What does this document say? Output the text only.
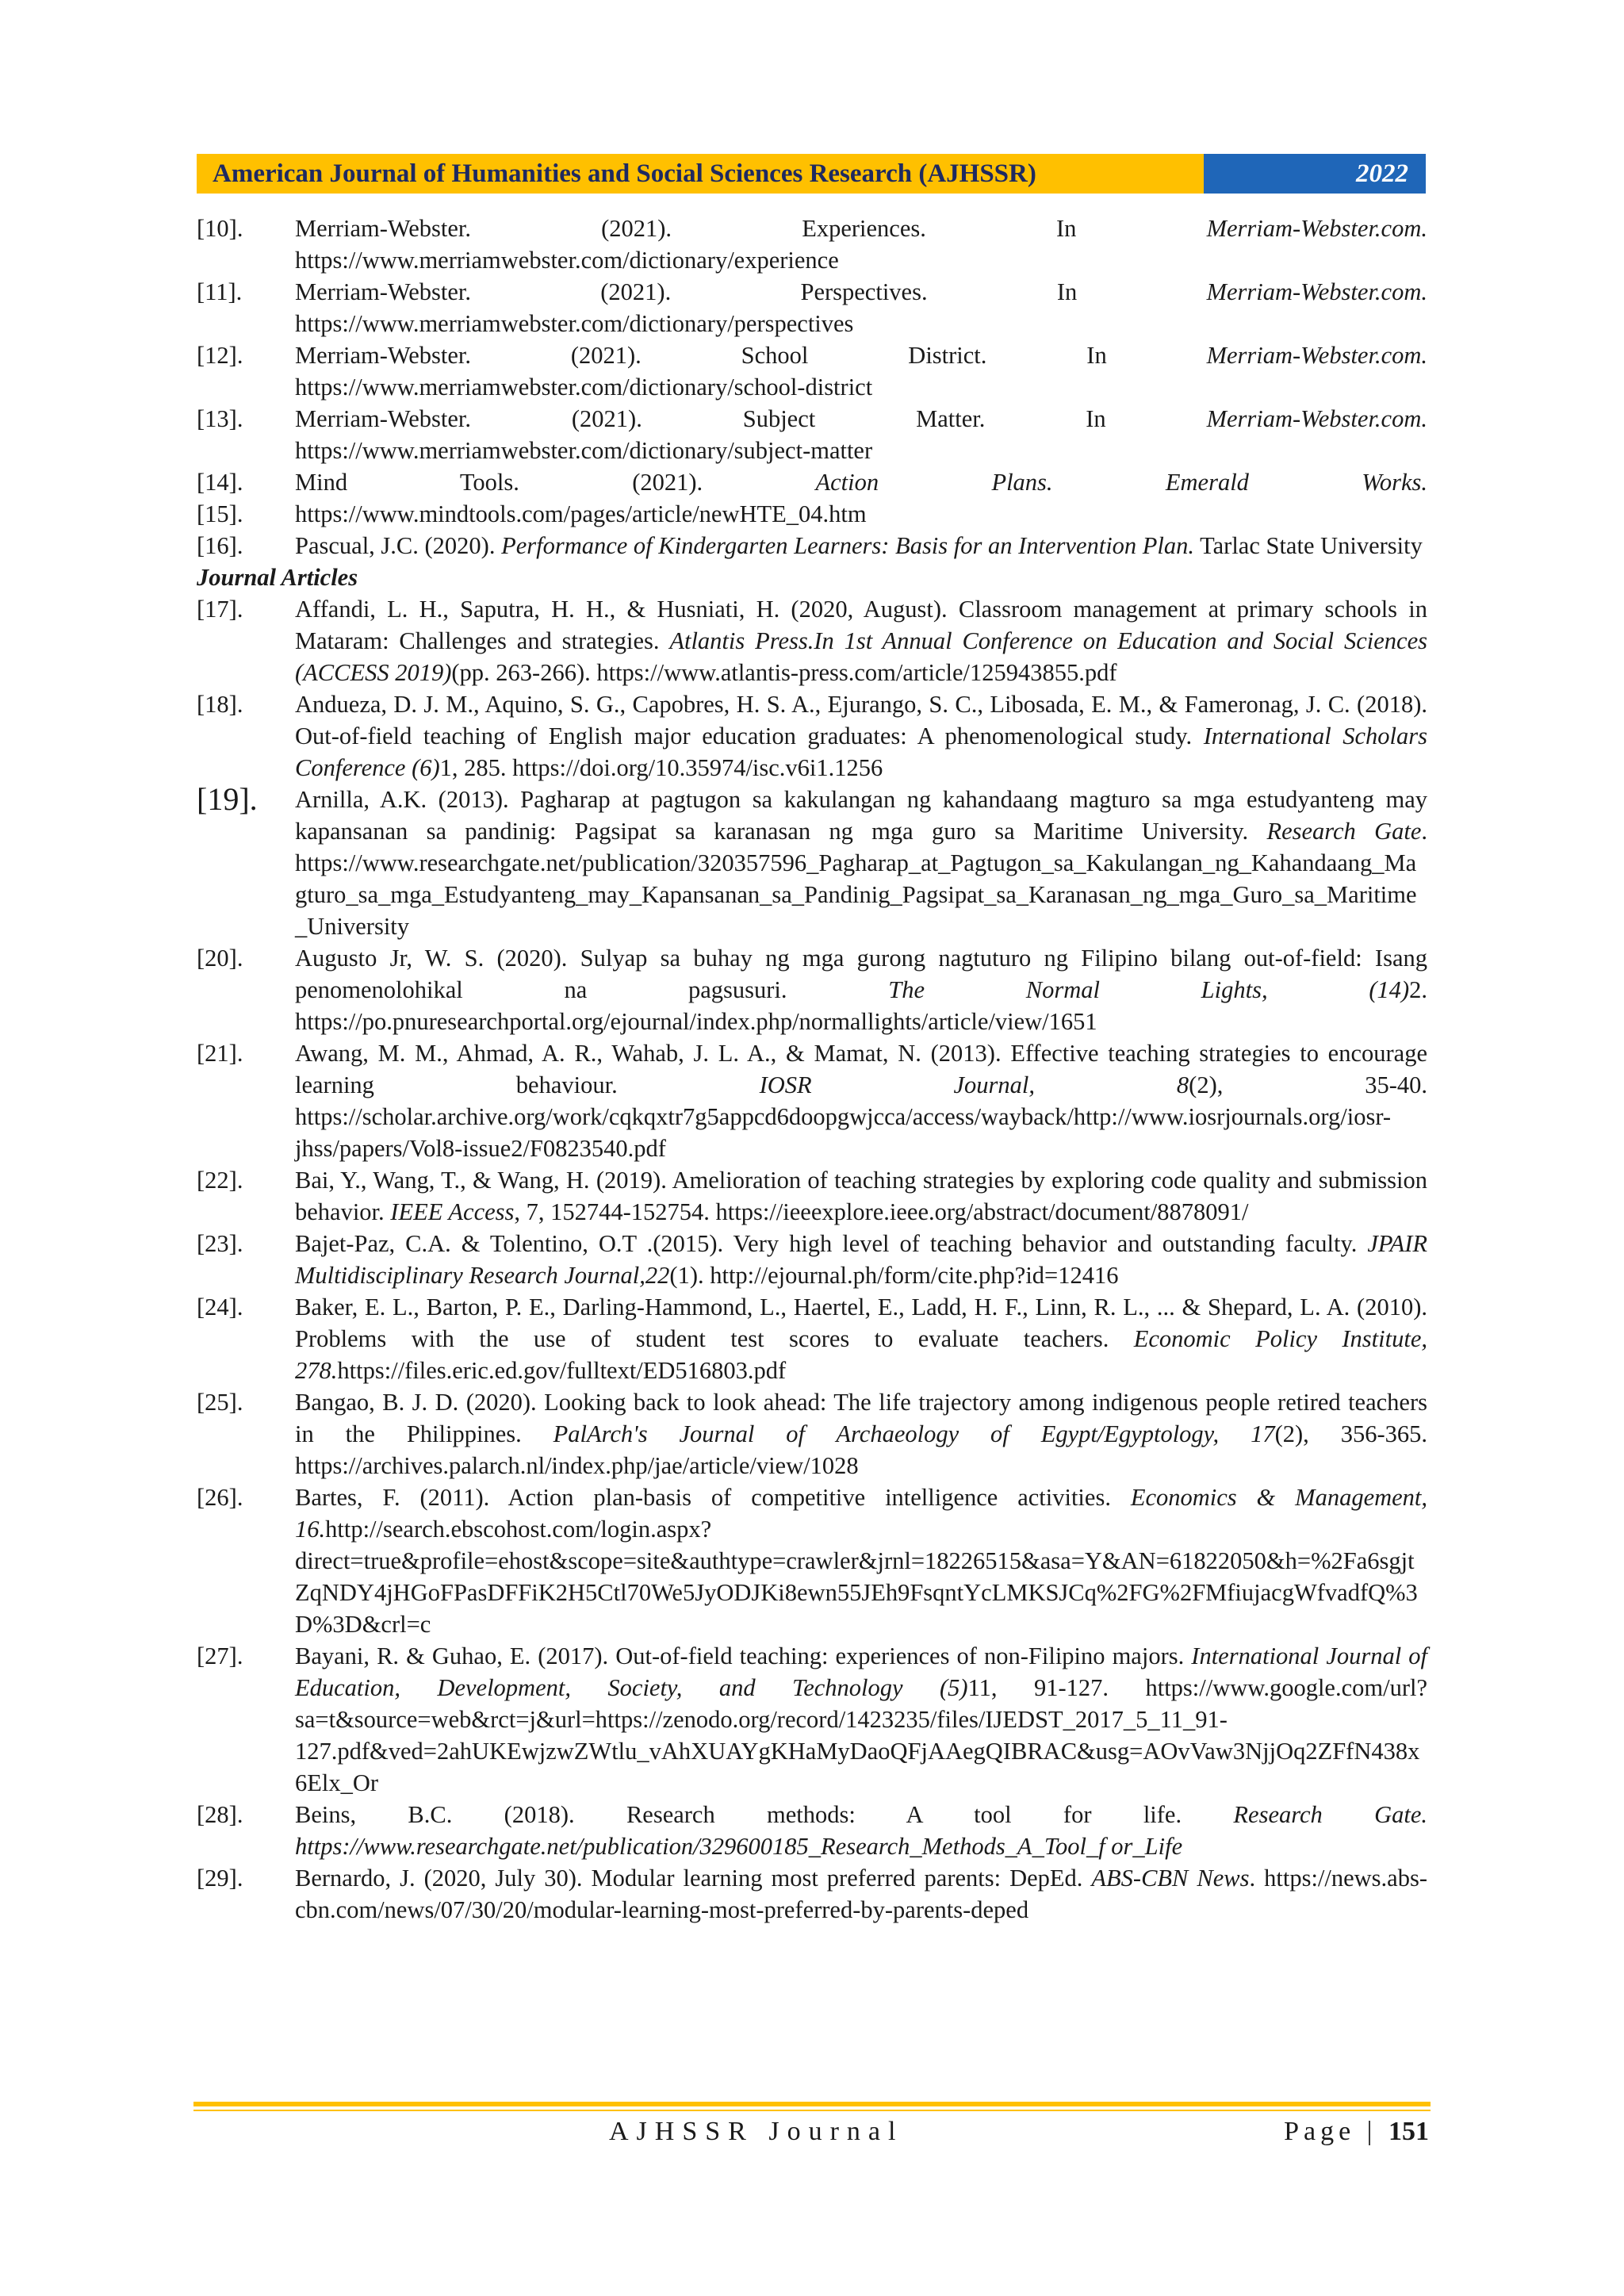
American Journal of Humanities and Social Sciences Research (AJHSSR)	2022
[10]. Merriam-Webster. (2021). Experiences. In	Merriam-Webster.com.
https://www.merriamwebster.com/dictionary/experience
[11]. Merriam-Webster. (2021). Perspectives. In	Merriam-Webster.com.
https://www.merriamwebster.com/dictionary/perspectives
[12]. Merriam-Webster. (2021). School District. In	Merriam-Webster.com.
https://www.merriamwebster.com/dictionary/school-district
[13]. Merriam-Webster. (2021). Subject Matter. In	Merriam-Webster.com.
https://www.merriamwebster.com/dictionary/subject-matter
[14]. Mind Tools. (2021).	Action Plans. Emerald Works.
[15]. https://www.mindtools.com/pages/article/newHTE_04.htm
[16]. Pascual, J.C. (2020). Performance of Kindergarten Learners: Basis for an Intervention Plan. Tarlac State University
Journal Articles
[17]. Affandi, L. H., Saputra, H. H., & Husniati, H. (2020, August). Classroom management at primary schools in Mataram: Challenges and strategies. Atlantis Press.In 1st Annual Conference on Education and Social Sciences (ACCESS 2019)(pp. 263-266). https://www.atlantis-press.com/article/125943855.pdf
[18]. Andueza, D. J. M., Aquino, S. G., Capobres, H. S. A., Ejurango, S. C., Libosada, E. M., & Fameronag, J. C. (2018). Out-of-field teaching of English major education graduates: A phenomenological study. International Scholars Conference (6)1, 285. https://doi.org/10.35974/isc.v6i1.1256
[19]. Arnilla, A.K. (2013). Pagharap at pagtugon sa kakulangan ng kahandaang magturo sa mga estudyanteng may kapansanan sa pandinig: Pagsipat sa karanasan ng mga guro sa Maritime University. Research Gate. https://www.researchgate.net/publication/320357596_Pagharap_at_Pagtugon_sa_Kakulangan_ng_Kahandaang_Magturo_sa_mga_Estudyanteng_may_Kapansanan_sa_Pandinig_Pagsipat_sa_Karanasan_ng_mga_Guro_sa_Maritime_University
[20]. Augusto Jr, W. S. (2020). Sulyap sa buhay ng mga gurong nagtuturo ng Filipino bilang out-of-field: Isang penomenolohikal na pagsusuri.	The Normal Lights, (14)2. https://po.pnuresearchportal.org/ejournal/index.php/normallights/article/view/1651
[21]. Awang, M. M., Ahmad, A. R., Wahab, J. L. A., & Mamat, N. (2013). Effective teaching strategies to encourage learning behaviour.	IOSR Journal, 8(2), 35-40. https://scholar.archive.org/work/cqkqxtr7g5appcd6doopgwjcca/access/wayback/http://www.iosrjournals.org/iosr-jhss/papers/Vol8-issue2/F0823540.pdf
[22]. Bai, Y., Wang, T., & Wang, H. (2019). Amelioration of teaching strategies by exploring code quality and submission behavior. IEEE Access, 7, 152744-152754. https://ieeexplore.ieee.org/abstract/document/8878091/
[23]. Bajet-Paz, C.A. & Tolentino, O.T .(2015). Very high level of teaching behavior and outstanding faculty. JPAIR Multidisciplinary Research Journal,22(1). http://ejournal.ph/form/cite.php?id=12416
[24]. Baker, E. L., Barton, P. E., Darling-Hammond, L., Haertel, E., Ladd, H. F., Linn, R. L., ... & Shepard, L. A. (2010). Problems with the use of student test scores to evaluate teachers. Economic Policy Institute, 278.https://files.eric.ed.gov/fulltext/ED516803.pdf
[25]. Bangao, B. J. D. (2020). Looking back to look ahead: The life trajectory among indigenous people retired teachers in the Philippines. PalArch's Journal of Archaeology of Egypt/Egyptology, 17(2), 356-365. https://archives.palarch.nl/index.php/jae/article/view/1028
[26]. Bartes, F. (2011). Action plan-basis of competitive intelligence activities. Economics & Management, 16.http://search.ebscohost.com/login.aspx?direct=true&profile=ehost&scope=site&authtype=crawler&jrnl=18226515&asa=Y&AN=61822050&h=%2Fa6sgjtZqNDY4jHGoFPasDFFiK2H5Ctl70We5JyODJKi8ewn55JEh9FsqntYcLMKSJCq%2FG%2FMfiujacgWfvadfQ%3D%3D&crl=c
[27]. Bayani, R. & Guhao, E. (2017). Out-of-field teaching: experiences of non-Filipino majors. International Journal of Education, Development, Society, and Technology (5)11, 91-127. https://www.google.com/url?sa=t&source=web&rct=j&url=https://zenodo.org/record/1423235/files/IJEDST_2017_5_11_91-127.pdf&ved=2ahUKEwjzwZWtlu_vAhXUAYgKHaMyDaoQFjAAegQIBRAC&usg=AOvVaw3NjjOq2ZFfN438x6Elx_Or
[28]. Beins, B.C. (2018). Research methods: A tool for life. Research Gate. https://www.researchgate.net/publication/329600185_Research_Methods_A_Tool_f or_Life
[29]. Bernardo, J. (2020, July 30). Modular learning most preferred parents: DepEd. ABS-CBN News. https://news.abs-cbn.com/news/07/30/20/modular-learning-most-preferred-by-parents-deped
AJHSSR Journal	Page | 151
